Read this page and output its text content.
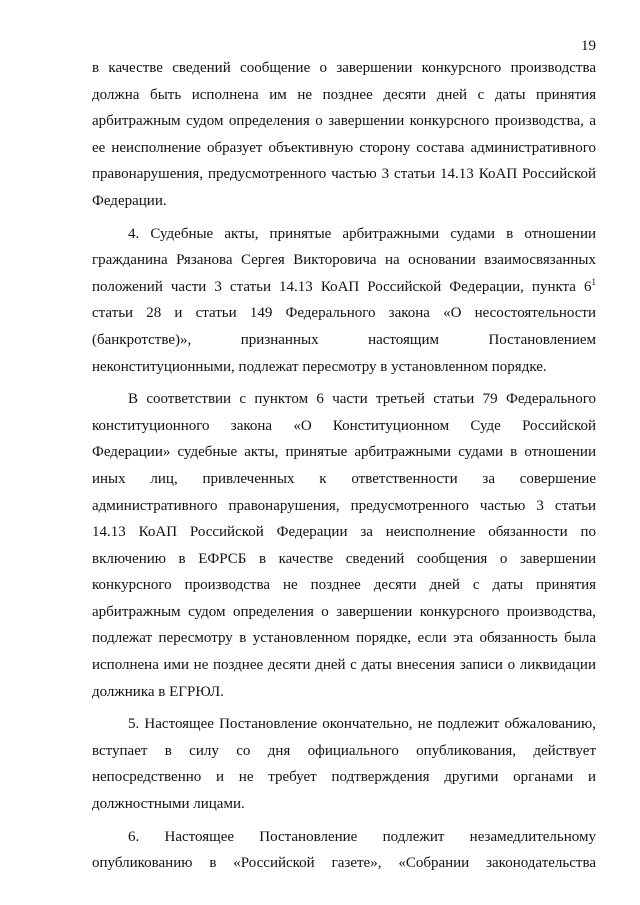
19
в качестве сведений сообщение о завершении конкурсного производства
должна быть исполнена им не позднее десяти дней с даты принятия
арбитражным судом определения о завершении конкурсного производства, а
ее неисполнение образует объективную сторону состава административного
правонарушения, предусмотренного частью 3 статьи 14.13 КоАП Российской
Федерации.
4. Судебные акты, принятые арбитражными судами в отношении
гражданина Рязанова Сергея Викторовича на основании взаимосвязанных
положений части 3 статьи 14.13 КоАП Российской Федерации, пункта $6^1$
статьи 28 и статьи 149 Федерального закона «О несостоятельности
(банкротстве)», признанных настоящим Постановлением
неконституционными, подлежат пересмотру в установленном порядке.
В соответствии с пунктом 6 части третьей статьи 79 Федерального
конституционного закона «О Конституционном Суде Российской
Федерации» судебные акты, принятые арбитражными судами в отношении
иных лиц, привлеченных к ответственности за совершение
административного правонарушения, предусмотренного частью 3 статьи
14.13 КоАП Российской Федерации за неисполнение обязанности по
включению в ЕФРСБ в качестве сведений сообщения о завершении
конкурсного производства не позднее десяти дней с даты принятия
арбитражным судом определения о завершении конкурсного производства,
подлежат пересмотру в установленном порядке, если эта обязанность была
исполнена ими не позднее десяти дней с даты внесения записи о ликвидации
должника в ЕГРЮЛ.
5. Настоящее Постановление окончательно, не подлежит обжалованию,
вступает в силу со дня официального опубликования, действует
непосредственно и не требует подтверждения другими органами и
должностными лицами.
6. Настоящее Постановление подлежит незамедлительному
опубликованию в «Российской газете», «Собрании законодательства
